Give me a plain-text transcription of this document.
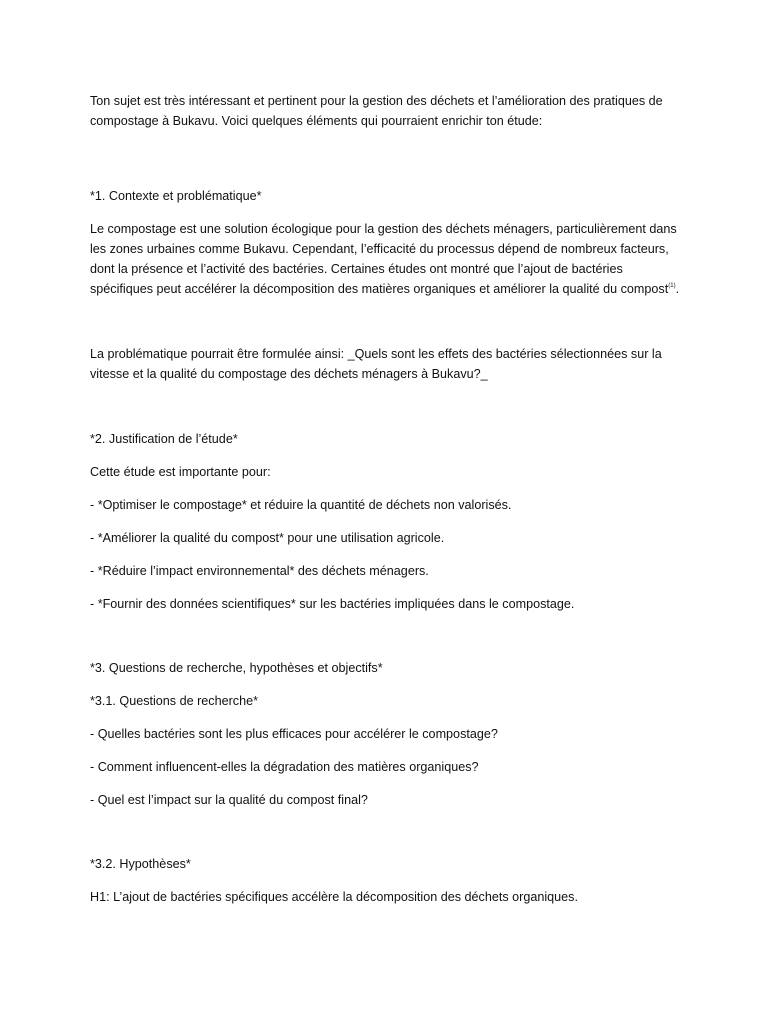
Ton sujet est très intéressant et pertinent pour la gestion des déchets et l’amélioration des pratiques de compostage à Bukavu. Voici quelques éléments qui pourraient enrichir ton étude:

*1. Contexte et problématique*

Le compostage est une solution écologique pour la gestion des déchets ménagers, particulièrement dans les zones urbaines comme Bukavu. Cependant, l’efficacité du processus dépend de nombreux facteurs, dont la présence et l’activité des bactéries. Certaines études ont montré que l’ajout de bactéries spécifiques peut accélérer la décomposition des matières organiques et améliorer la qualité du compost$^{(1)}$.

La problématique pourrait être formulée ainsi: _Quels sont les effets des bactéries sélectionnées sur la vitesse et la qualité du compostage des déchets ménagers à Bukavu?_

*2. Justification de l’étude*

Cette étude est importante pour:

- *Optimiser le compostage* et réduire la quantité de déchets non valorisés.

- *Améliorer la qualité du compost* pour une utilisation agricole.

- *Réduire l’impact environnemental* des déchets ménagers.

- *Fournir des données scientifiques* sur les bactéries impliquées dans le compostage.

*3. Questions de recherche, hypothèses et objectifs*

*3.1. Questions de recherche*

- Quelles bactéries sont les plus efficaces pour accélérer le compostage?

- Comment influencent-elles la dégradation des matières organiques?

- Quel est l’impact sur la qualité du compost final?

*3.2. Hypothèses*

H1: L’ajout de bactéries spécifiques accélère la décomposition des déchets organiques.
